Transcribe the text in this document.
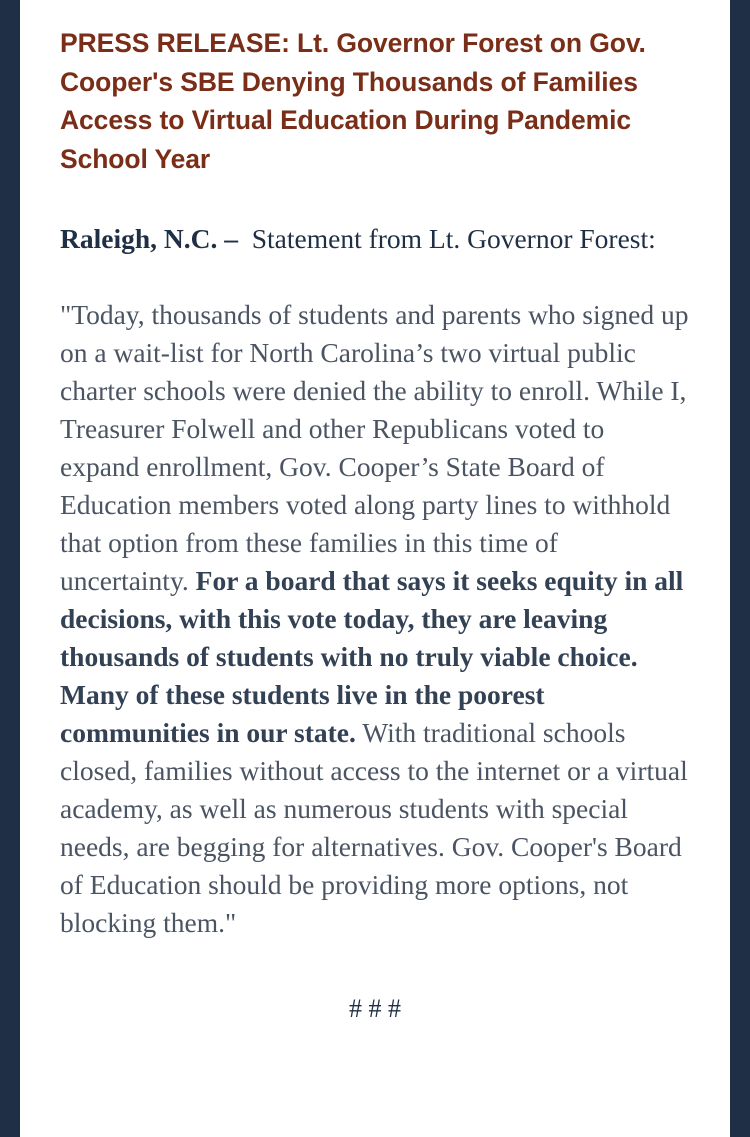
PRESS RELEASE: Lt. Governor Forest on Gov. Cooper's SBE Denying Thousands of Families Access to Virtual Education During Pandemic School Year

Raleigh, N.C. – Statement from Lt. Governor Forest:

"Today, thousands of students and parents who signed up on a wait-list for North Carolina’s two virtual public charter schools were denied the ability to enroll. While I, Treasurer Folwell and other Republicans voted to expand enrollment, Gov. Cooper’s State Board of Education members voted along party lines to withhold that option from these families in this time of uncertainty. For a board that says it seeks equity in all decisions, with this vote today, they are leaving thousands of students with no truly viable choice. Many of these students live in the poorest communities in our state. With traditional schools closed, families without access to the internet or a virtual academy, as well as numerous students with special needs, are begging for alternatives. Gov. Cooper's Board of Education should be providing more options, not blocking them."

# # #
